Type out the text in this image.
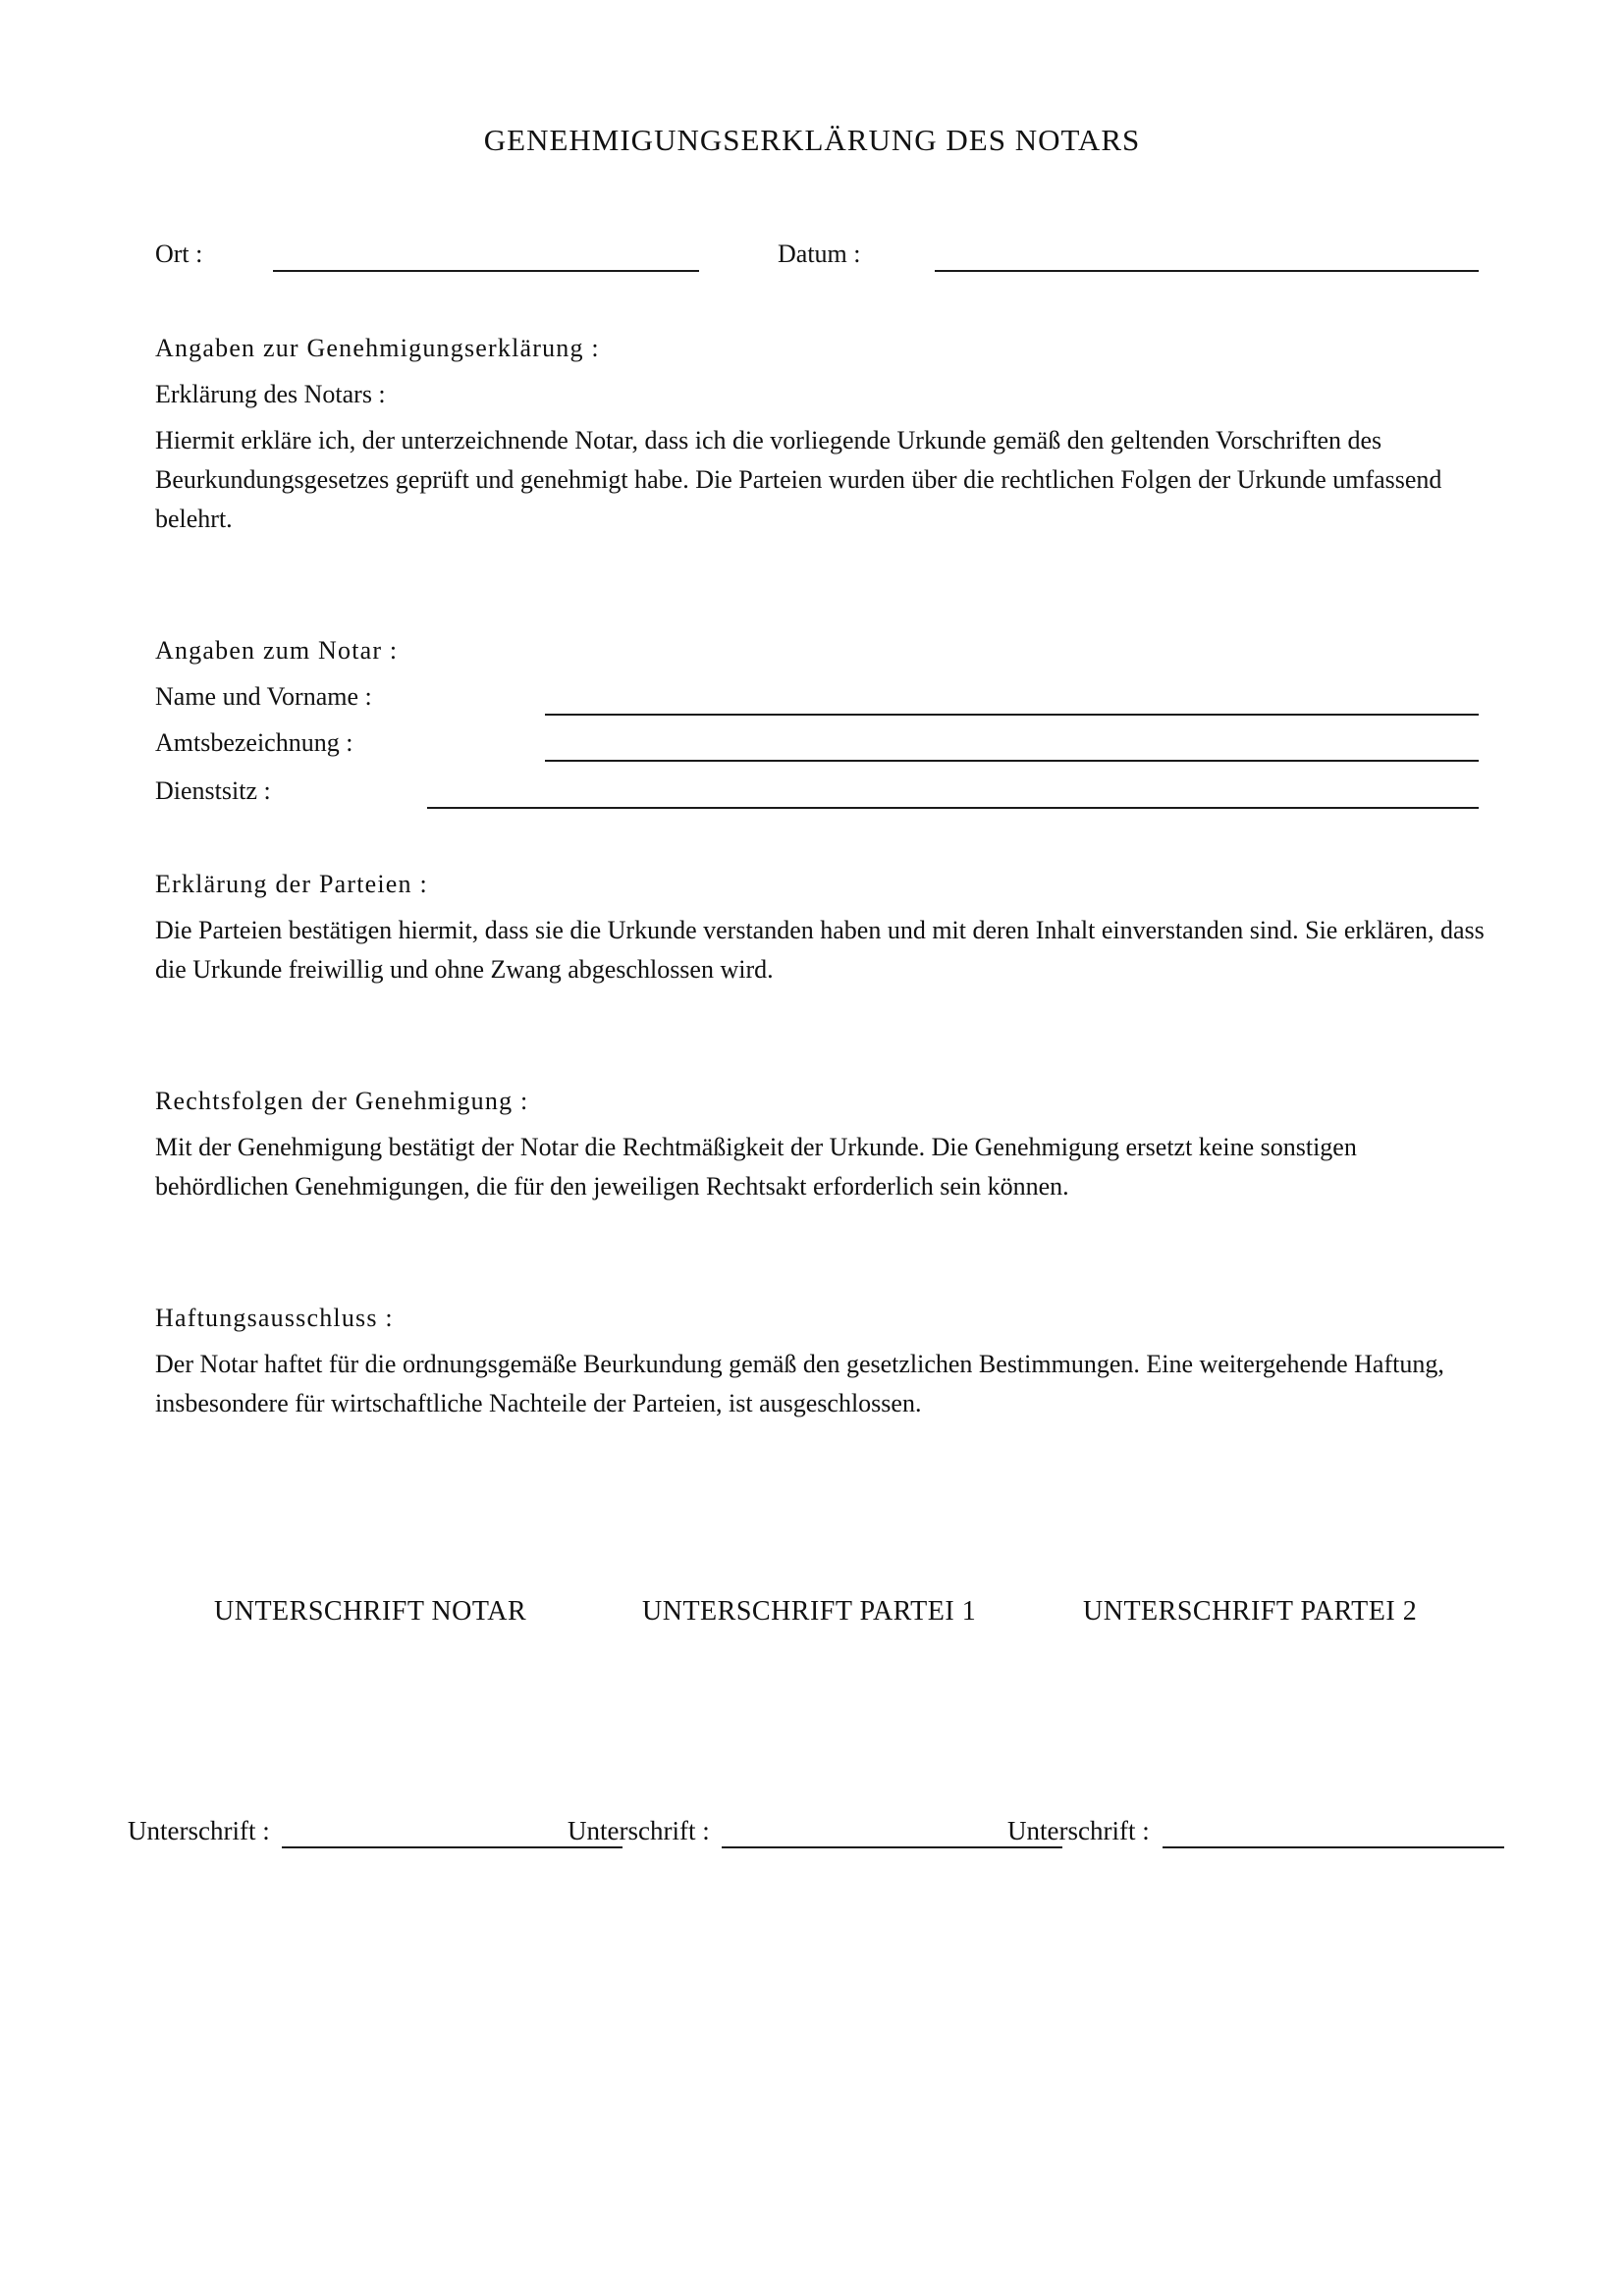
GENEHMIGUNGSERKLÄRUNG DES NOTARS
Ort :	Datum :
Angaben zur Genehmigungserklärung :
Erklärung des Notars :
Hiermit erkläre ich, der unterzeichnende Notar, dass ich die vorliegende Urkunde gemäß den geltenden Vorschriften des Beurkundungsgesetzes geprüft und genehmigt habe. Die Parteien wurden über die rechtlichen Folgen der Urkunde umfassend belehrt.
Angaben zum Notar :
Name und Vorname :
Amtsbezeichnung :
Dienstsitz :
Erklärung der Parteien :
Die Parteien bestätigen hiermit, dass sie die Urkunde verstanden haben und mit deren Inhalt einverstanden sind. Sie erklären, dass die Urkunde freiwillig und ohne Zwang abgeschlossen wird.
Rechtsfolgen der Genehmigung :
Mit der Genehmigung bestätigt der Notar die Rechtmäßigkeit der Urkunde. Die Genehmigung ersetzt keine sonstigen behördlichen Genehmigungen, die für den jeweiligen Rechtsakt erforderlich sein können.
Haftungsausschluss :
Der Notar haftet für die ordnungsgemäße Beurkundung gemäß den gesetzlichen Bestimmungen. Eine weitergehende Haftung, insbesondere für wirtschaftliche Nachteile der Parteien, ist ausgeschlossen.
UNTERSCHRIFT NOTAR	UNTERSCHRIFT PARTEI 1	UNTERSCHRIFT PARTEI 2
Unterschrift :	Unterschrift :	Unterschrift :
